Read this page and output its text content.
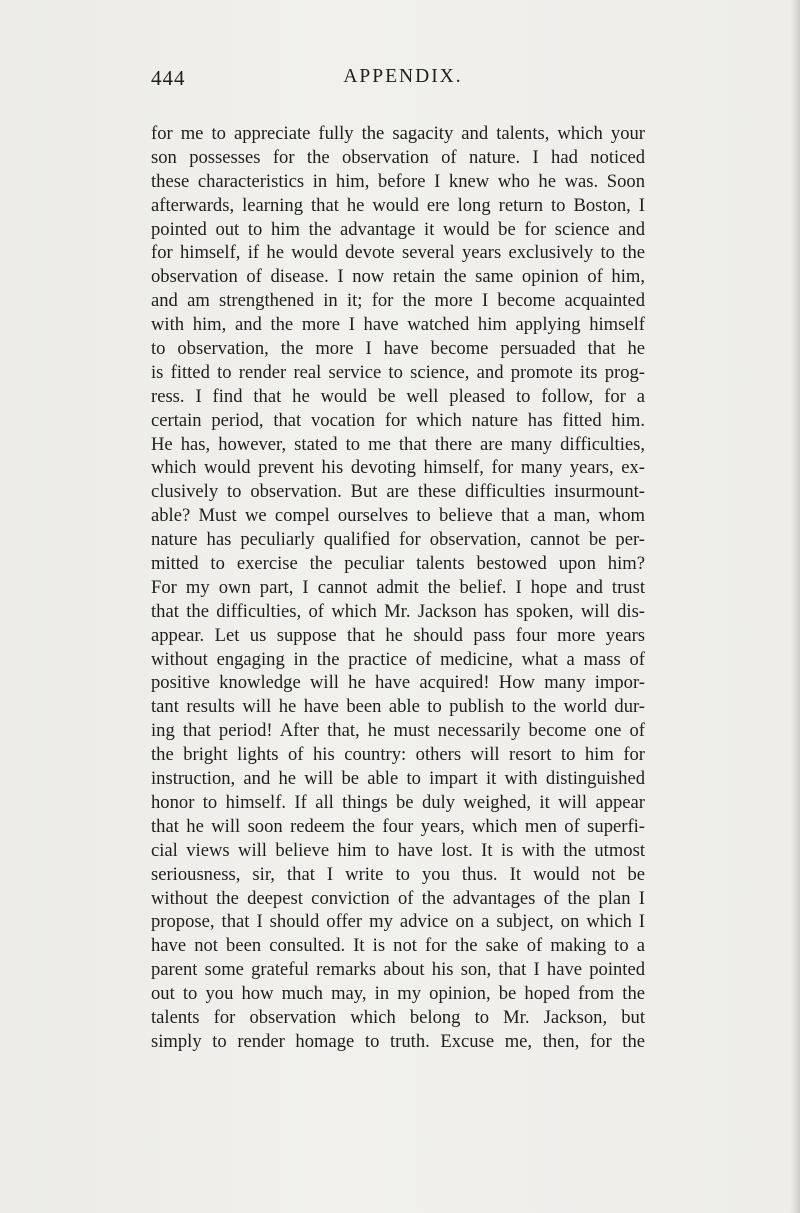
444	APPENDIX.
for me to appreciate fully the sagacity and talents, which your
son possesses for the observation of nature. I had noticed
these characteristics in him, before I knew who he was. Soon
afterwards, learning that he would ere long return to Boston, I
pointed out to him the advantage it would be for science and
for himself, if he would devote several years exclusively to the
observation of disease. I now retain the same opinion of him,
and am strengthened in it; for the more I become acquainted
with him, and the more I have watched him applying himself
to observation, the more I have become persuaded that he
is fitted to render real service to science, and promote its prog-
ress. I find that he would be well pleased to follow, for a
certain period, that vocation for which nature has fitted him.
He has, however, stated to me that there are many difficulties,
which would prevent his devoting himself, for many years, ex-
clusively to observation. But are these difficulties insurmount-
able? Must we compel ourselves to believe that a man, whom
nature has peculiarly qualified for observation, cannot be per-
mitted to exercise the peculiar talents bestowed upon him?
For my own part, I cannot admit the belief. I hope and trust
that the difficulties, of which Mr. Jackson has spoken, will dis-
appear. Let us suppose that he should pass four more years
without engaging in the practice of medicine, what a mass of
positive knowledge will he have acquired! How many impor-
tant results will he have been able to publish to the world dur-
ing that period! After that, he must necessarily become one of
the bright lights of his country: others will resort to him for
instruction, and he will be able to impart it with distinguished
honor to himself. If all things be duly weighed, it will appear
that he will soon redeem the four years, which men of superfi-
cial views will believe him to have lost. It is with the utmost
seriousness, sir, that I write to you thus. It would not be
without the deepest conviction of the advantages of the plan I
propose, that I should offer my advice on a subject, on which I
have not been consulted. It is not for the sake of making to a
parent some grateful remarks about his son, that I have pointed
out to you how much may, in my opinion, be hoped from the
talents for observation which belong to Mr. Jackson, but
simply to render homage to truth. Excuse me, then, for the
